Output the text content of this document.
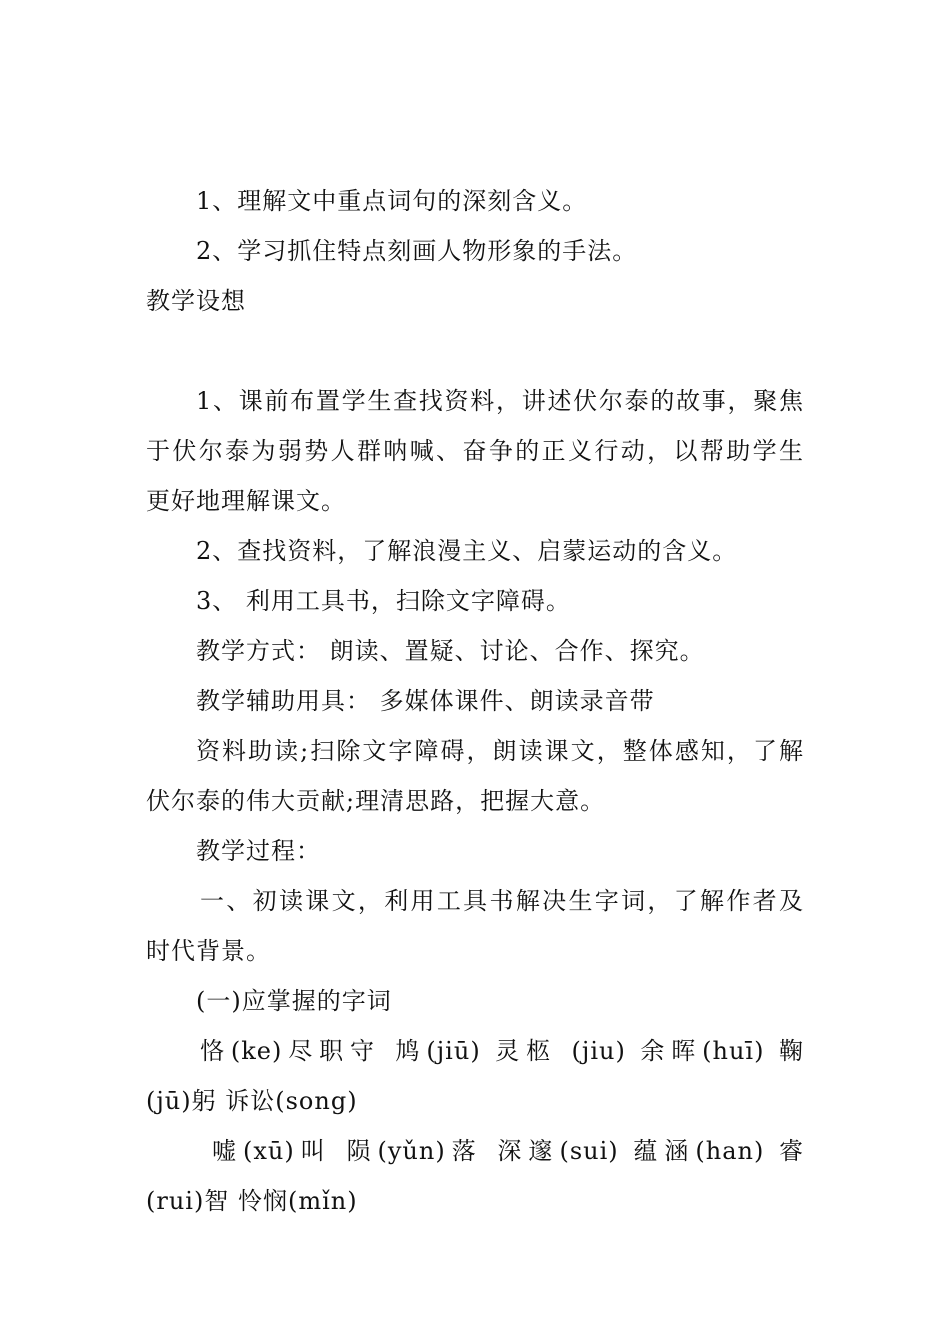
1、理解文中重点词句的深刻含义。
2、学习抓住特点刻画人物形象的手法。
教学设想
1、课前布置学生查找资料，讲述伏尔泰的故事，聚焦
于伏尔泰为弱势人群呐喊、奋争的正义行动，以帮助学生
更好地理解课文。
2、查找资料，了解浪漫主义、启蒙运动的含义。
3、 利用工具书，扫除文字障碍。
教学方式： 朗读、置疑、讨论、合作、探究。
教学辅助用具： 多媒体课件、朗读录音带
资料助读;扫除文字障碍，朗读课文，整体感知，了解
伏尔泰的伟大贡献;理清思路，把握大意。
教学过程：
一、初读课文，利用工具书解决生字词，了解作者及
时代背景。
(一)应掌握的字词
恪(ke)尽职守 鸠(jiū) 灵柩 (jiu) 余晖(huī) 鞠
(jū)躬 诉讼(song)
嘘(xū)叫 陨(yǔn)落 深邃(sui) 蕴涵(han) 睿
(rui)智 怜悯(mǐn)
